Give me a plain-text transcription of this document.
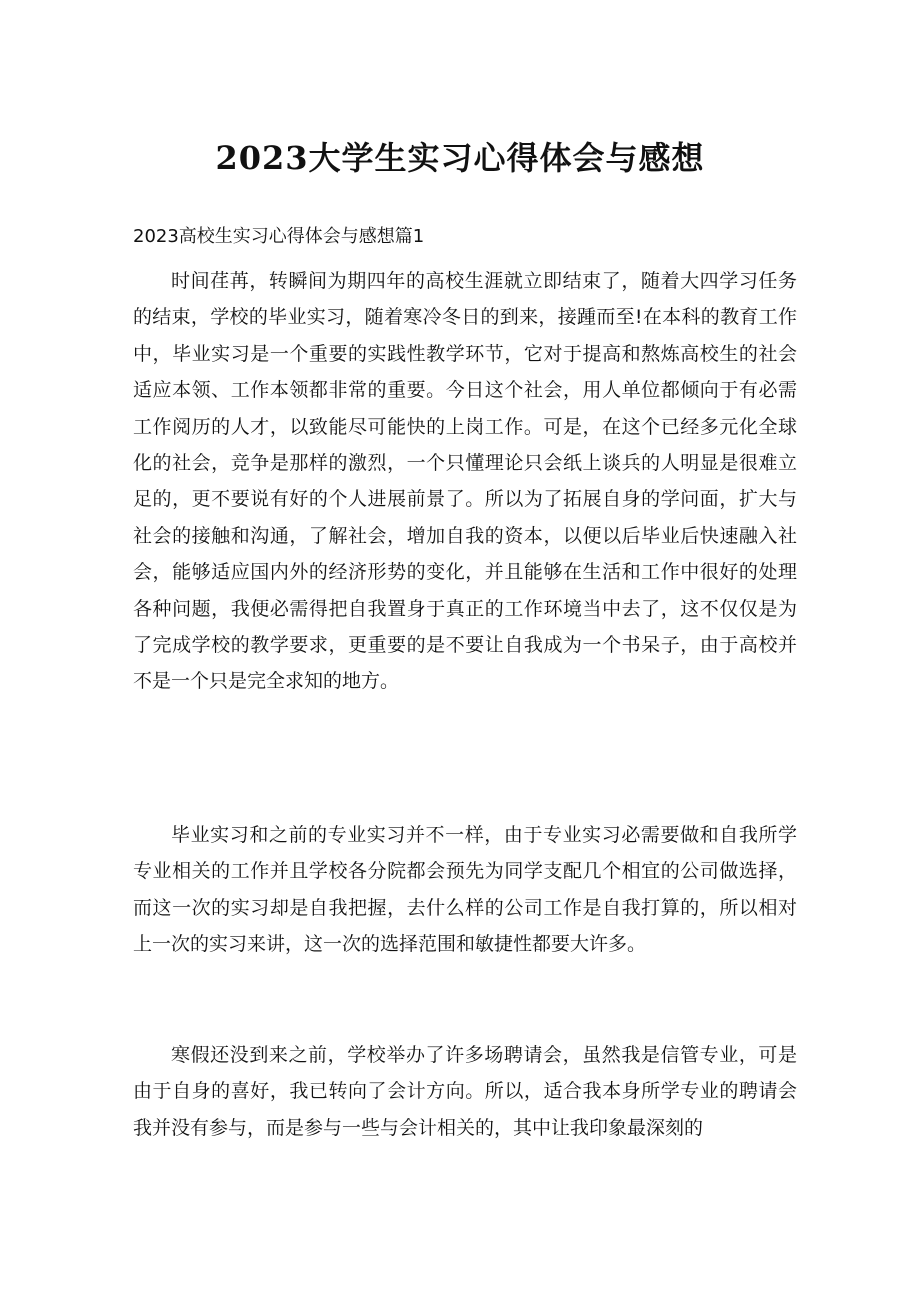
2023大学生实习心得体会与感想

2023高校生实习心得体会与感想篇1

时间荏苒，转瞬间为期四年的高校生涯就立即结束了，随着大四学习任务的结束，学校的毕业实习，随着寒冷冬日的到来，接踵而至!在本科的教育工作中，毕业实习是一个重要的实践性教学环节，它对于提高和熬炼高校生的社会适应本领、工作本领都非常的重要。今日这个社会，用人单位都倾向于有必需工作阅历的人才，以致能尽可能快的上岗工作。可是，在这个已经多元化全球化的社会，竞争是那样的激烈，一个只懂理论只会纸上谈兵的人明显是很难立足的，更不要说有好的个人进展前景了。所以为了拓展自身的学问面，扩大与社会的接触和沟通，了解社会，增加自我的资本，以便以后毕业后快速融入社会，能够适应国内外的经济形势的变化，并且能够在生活和工作中很好的处理各种问题，我便必需得把自我置身于真正的工作环境当中去了，这不仅仅是为了完成学校的教学要求，更重要的是不要让自我成为一个书呆子，由于高校并不是一个只是完全求知的地方。

毕业实习和之前的专业实习并不一样，由于专业实习必需要做和自我所学专业相关的工作并且学校各分院都会预先为同学支配几个相宜的公司做选择，而这一次的实习却是自我把握，去什么样的公司工作是自我打算的，所以相对上一次的实习来讲，这一次的选择范围和敏捷性都要大许多。

寒假还没到来之前，学校举办了许多场聘请会，虽然我是信管专业，可是由于自身的喜好，我已转向了会计方向。所以，适合我本身所学专业的聘请会我并没有参与，而是参与一些与会计相关的，其中让我印象最深刻的
